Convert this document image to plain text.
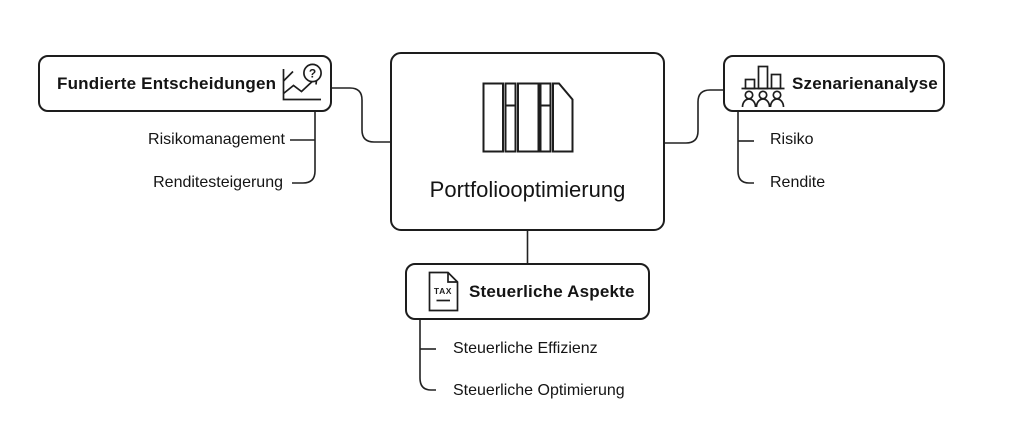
Portfoliooptimierung
Fundierte Entscheidungen
?
Szenarienanalyse
TAX Steuerliche Aspekte
Risikomanagement
Renditesteigerung
Risiko
Rendite
Steuerliche Effizienz
Steuerliche Optimierung
